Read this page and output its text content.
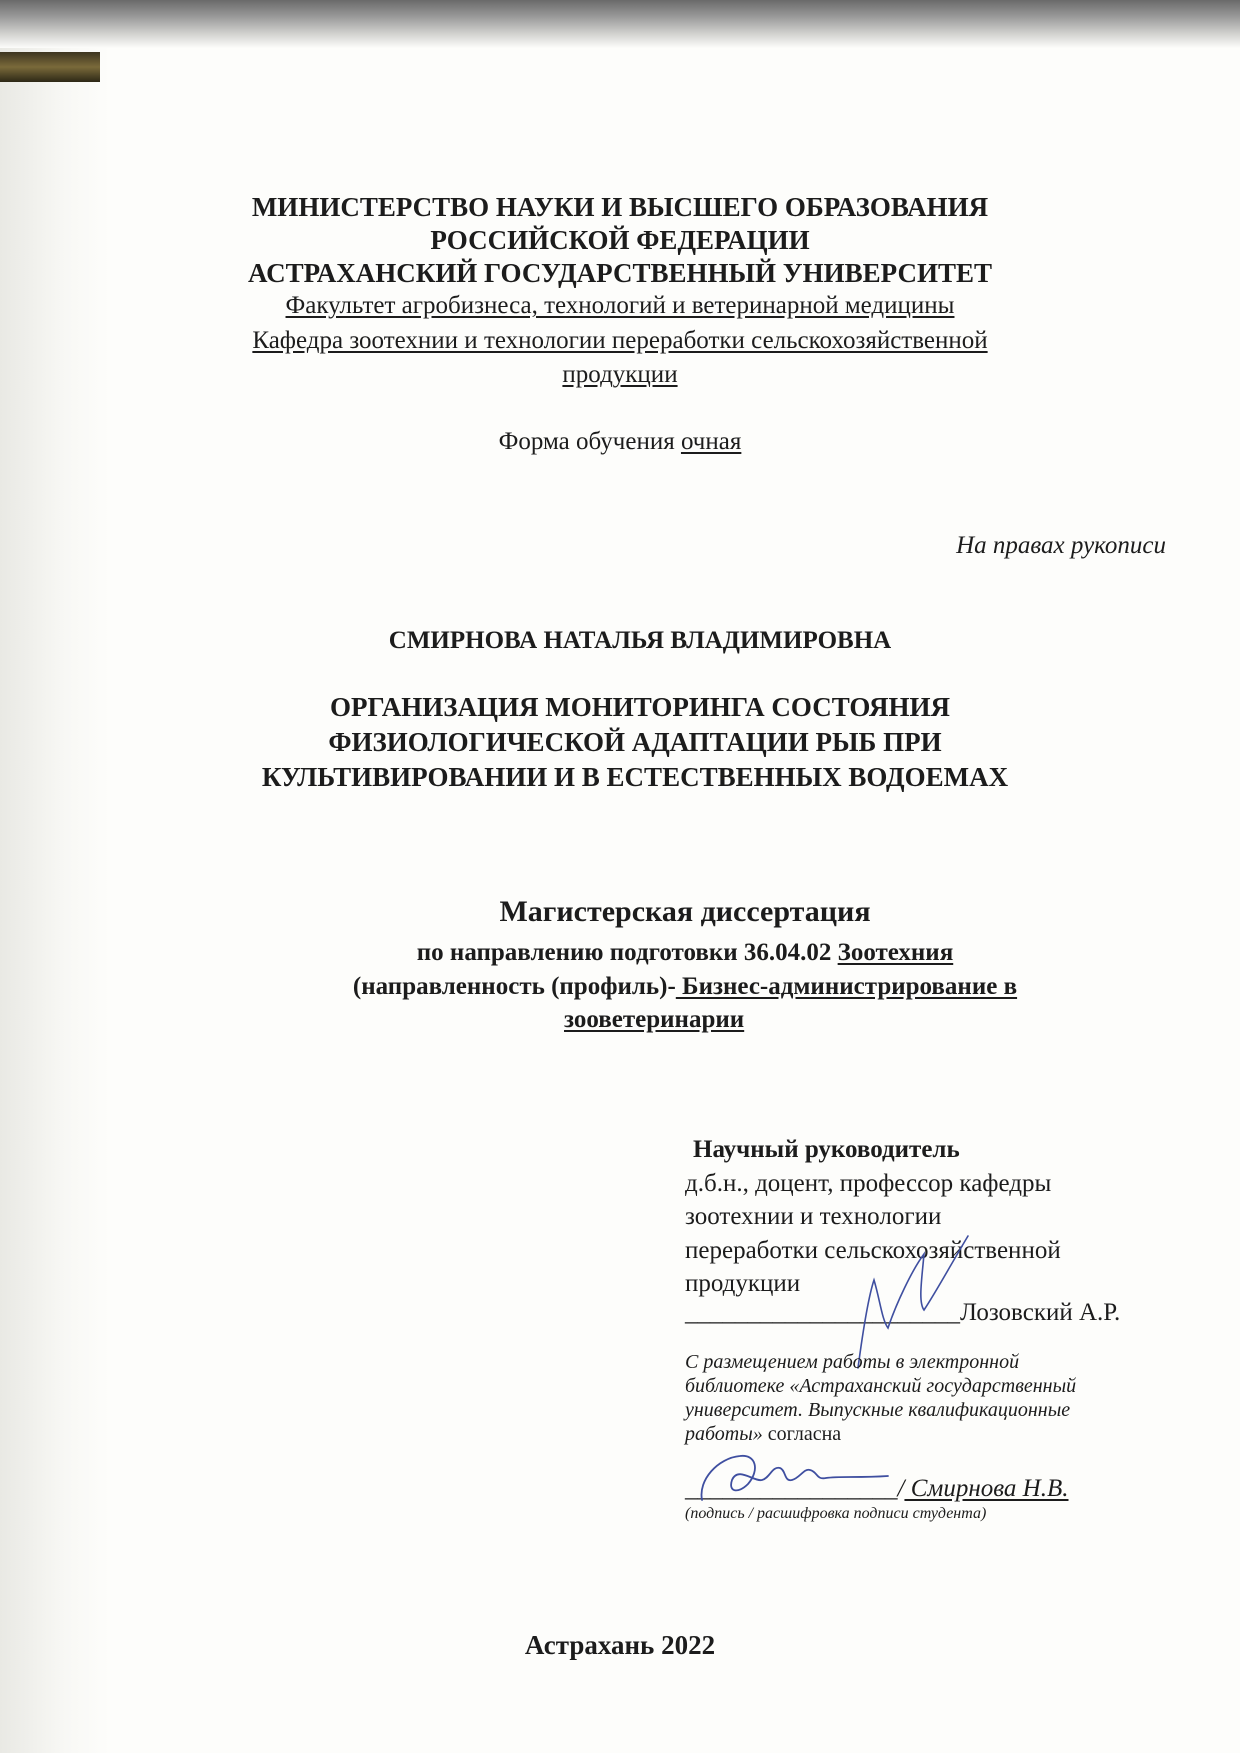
МИНИСТЕРСТВО НАУКИ И ВЫСШЕГО ОБРАЗОВАНИЯ
РОССИЙСКОЙ ФЕДЕРАЦИИ
АСТРАХАНСКИЙ ГОСУДАРСТВЕННЫЙ УНИВЕРСИТЕТ
Факультет агробизнеса, технологий и ветеринарной медицины
Кафедра зоотехнии и технологии переработки сельскохозяйственной
продукции
Форма обучения очная
На правах рукописи
СМИРНОВА НАТАЛЬЯ ВЛАДИМИРОВНА
ОРГАНИЗАЦИЯ МОНИТОРИНГА СОСТОЯНИЯ
ФИЗИОЛОГИЧЕСКОЙ АДАПТАЦИИ РЫБ ПРИ
КУЛЬТИВИРОВАНИИ И В ЕСТЕСТВЕННЫХ ВОДОЕМАХ
Магистерская диссертация
по направлению подготовки 36.04.02 Зоотехния
(направленность (профиль)- Бизнес-администрирование в
зооветеринарии
Научный руководитель
д.б.н., доцент, профессор кафедры
зоотехнии и технологии
переработки сельскохозяйственной
продукции
______________________Лозовский А.Р.
С размещением работы в электронной
библиотеке «Астраханский государственный
университет. Выпускные квалификационные
работы» согласна
_________________/ Смирнова Н.В.
(подпись / расшифровка подписи студента)
Астрахань 2022
